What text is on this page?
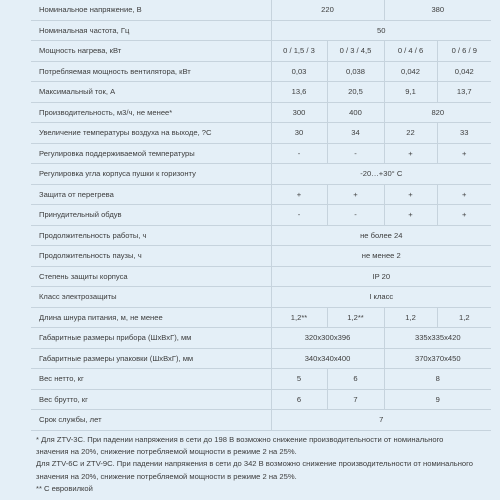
Номинальное напряжение, В	220		380	
Номинальная частота, Гц	50			
Мощность нагрева, кВт	0 / 1,5 / 3	0 / 3 / 4,5	0 / 4 / 6	0 / 6 / 9
Потребляемая мощность вентилятора, кВт	0,03	0,038	0,042	0,042
Максимальный ток, А	13,6	20,5	9,1	13,7
Производительность, м3/ч, не менее*	300	400	820	
Увеличение температуры воздуха на выходе, ?С	30	34	22	33
Регулировка поддерживаемой температуры	-	-	+	+
Регулировка угла корпуса пушки к горизонту	-20…+30° С			
Защита от перегрева	+	+	+	+
Принудительный обдув	-	-	+	+
Продолжительность работы, ч	не более 24			
Продолжительность паузы, ч	не менее 2			
Степень защиты корпуса	IP 20			
Класс электрозащиты	I класс			
Длина шнура питания, м, не менее	1,2**	1,2**	1,2	1,2
Габаритные размеры прибора (ШхВхГ), мм	320х300х396		335х335х420	
Габаритные размеры упаковки (ШхВхГ), мм	340х340х400		370х370х450	
Вес нетто, кг	5	6	8	
Вес брутто, кг	6	7	9	
Срок службы, лет	7			
* Для ZTV-3С. При падении напряжения в сети до 198 В возможно снижение производительности от номинального
значения на 20%, снижение потребляемой мощности в режиме 2 на 25%.
Для ZTV-6С и ZTV-9С. При падении напряжения в сети до 342 В возможно снижение производительности от номинального
значения на 20%, снижение потребляемой мощности в режиме 2 на 25%.
** С евровилкой
